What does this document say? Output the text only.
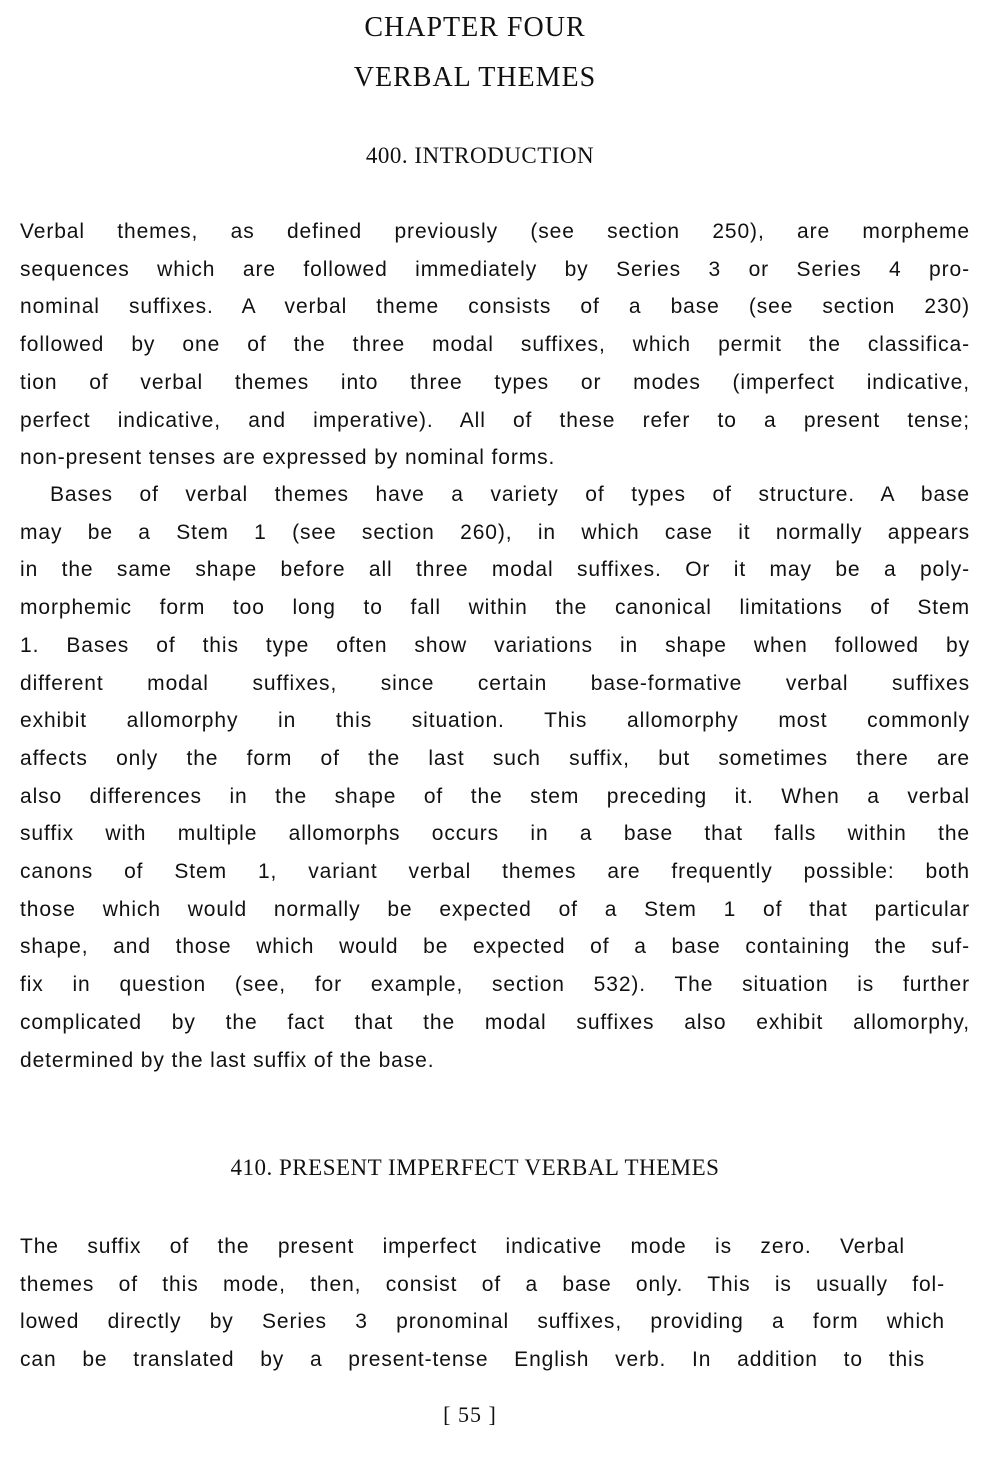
CHAPTER FOUR
VERBAL THEMES
400. INTRODUCTION
Verbal themes, as defined previously (see section 250), are morpheme
sequences which are followed immediately by Series 3 or Series 4 pro-
nominal suffixes. A verbal theme consists of a base (see section 230)
followed by one of the three modal suffixes, which permit the classifica-
tion of verbal themes into three types or modes (imperfect indicative,
perfect indicative, and imperative). All of these refer to a present tense;
non-present tenses are expressed by nominal forms.
Bases of verbal themes have a variety of types of structure. A base
may be a Stem 1 (see section 260), in which case it normally appears
in the same shape before all three modal suffixes. Or it may be a poly-
morphemic form too long to fall within the canonical limitations of Stem
1. Bases of this type often show variations in shape when followed by
different modal suffixes, since certain base-formative verbal suffixes
exhibit allomorphy in this situation. This allomorphy most commonly
affects only the form of the last such suffix, but sometimes there are
also differences in the shape of the stem preceding it. When a verbal
suffix with multiple allomorphs occurs in a base that falls within the
canons of Stem 1, variant verbal themes are frequently possible: both
those which would normally be expected of a Stem 1 of that particular
shape, and those which would be expected of a base containing the suf-
fix in question (see, for example, section 532). The situation is further
complicated by the fact that the modal suffixes also exhibit allomorphy,
determined by the last suffix of the base.
410. PRESENT IMPERFECT VERBAL THEMES
The suffix of the present imperfect indicative mode is zero. Verbal
themes of this mode, then, consist of a base only. This is usually fol-
lowed directly by Series 3 pronominal suffixes, providing a form which
can be translated by a present-tense English verb. In addition to this
[ 55 ]
